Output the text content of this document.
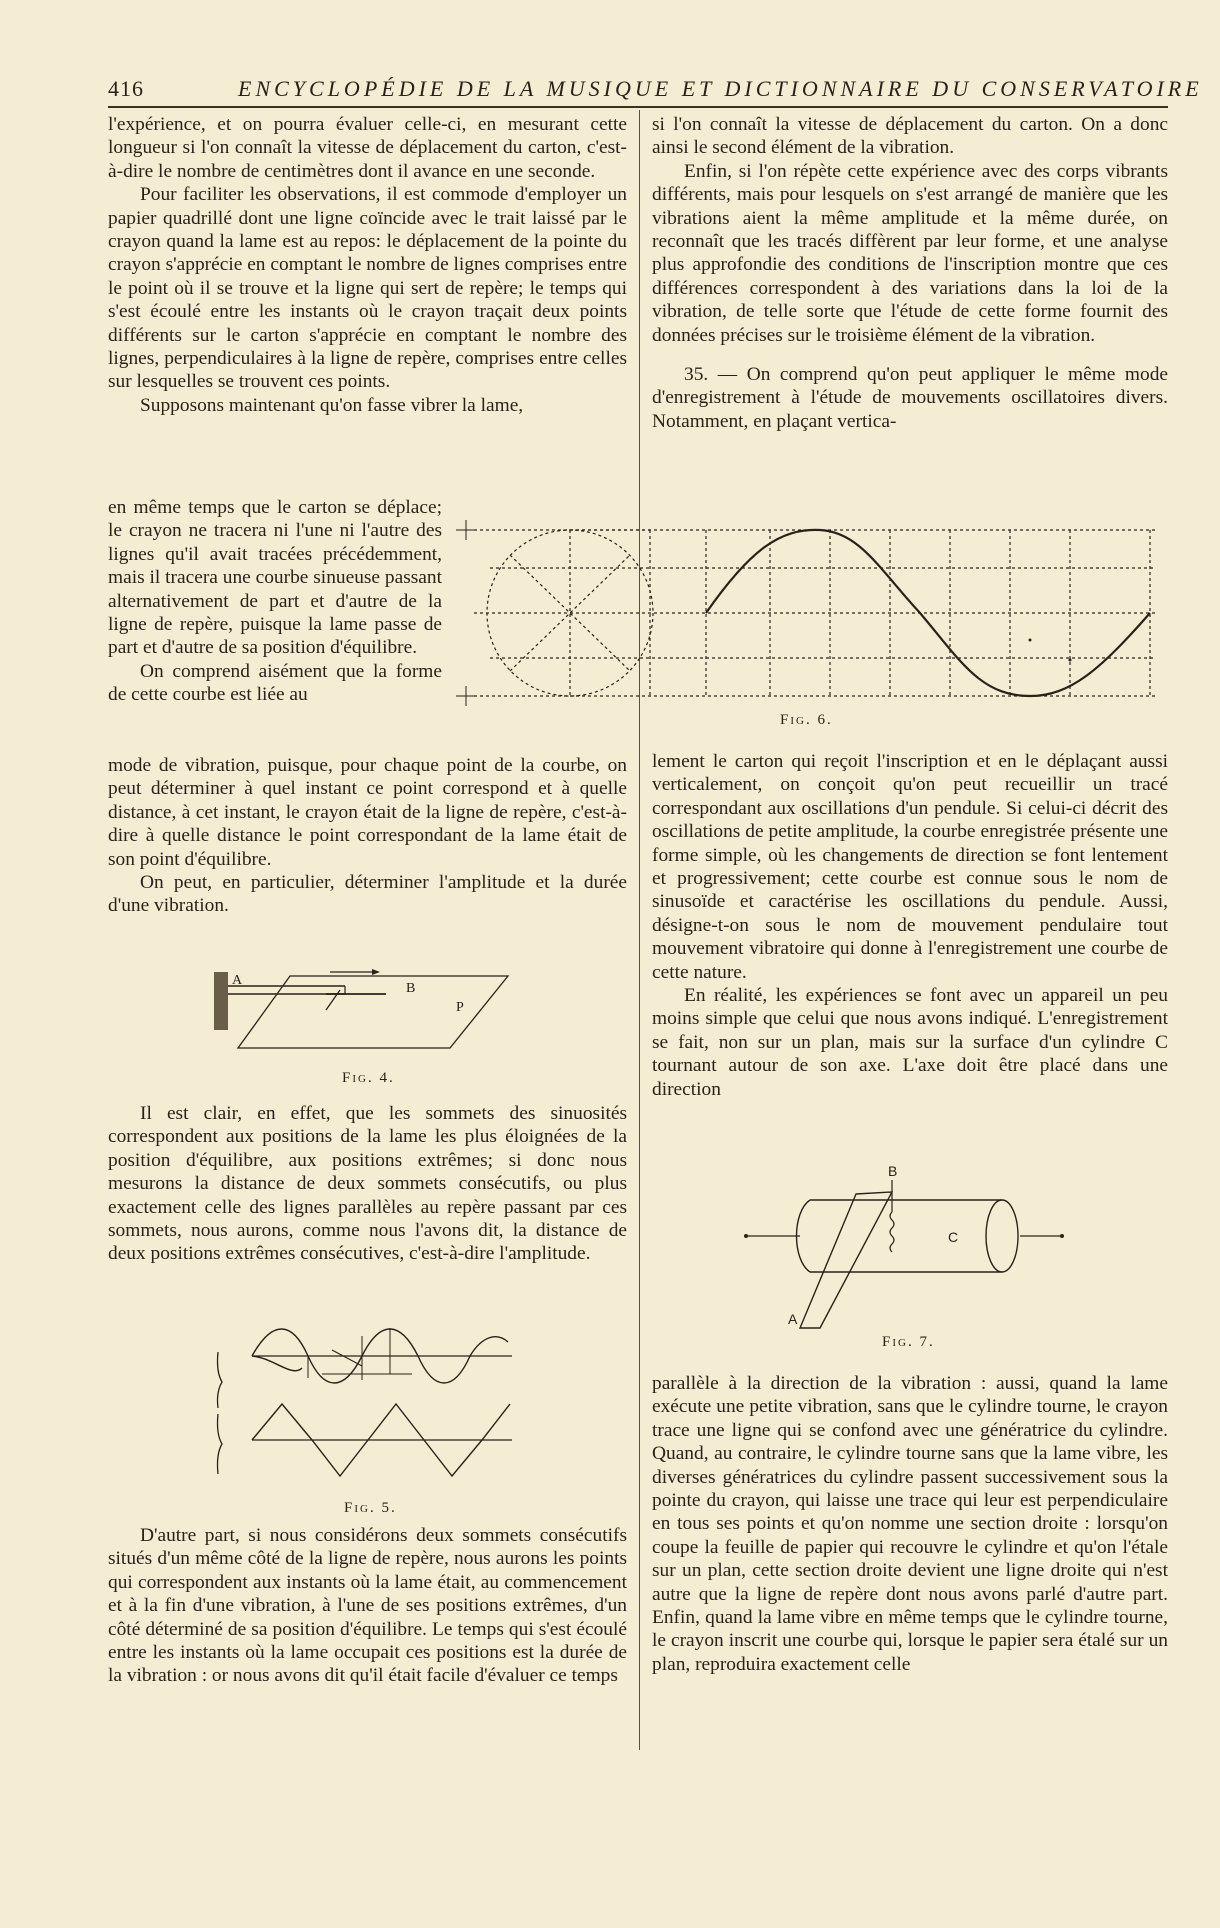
416	ENCYCLOPÉDIE DE LA MUSIQUE ET DICTIONNAIRE DU CONSERVATOIRE

l'expérience, et on pourra évaluer celle-ci, en mesurant cette longueur si l'on connaît la vitesse de déplacement du carton, c'est-à-dire le nombre de centimètres dont il avance en une seconde.

Pour faciliter les observations, il est commode d'employer un papier quadrillé dont une ligne coïncide avec le trait laissé par le crayon quand la lame est au repos: le déplacement de la pointe du crayon s'apprécie en comptant le nombre de lignes comprises entre le point où il se trouve et la ligne qui sert de repère; le temps qui s'est écoulé entre les instants où le crayon traçait deux points différents sur le carton s'apprécie en comptant le nombre des lignes, perpendiculaires à la ligne de repère, comprises entre celles sur lesquelles se trouvent ces points.

Supposons maintenant qu'on fasse vibrer la lame,

en même temps que le carton se déplace; le crayon ne tracera ni l'une ni l'autre des lignes qu'il avait tracées précédemment, mais il tracera une courbe sinueuse passant alternativement de part et d'autre de la ligne de repère, puisque la lame passe de part et d'autre de sa position d'équilibre.

On comprend aisément que la forme de cette courbe est liée au

mode de vibration, puisque, pour chaque point de la courbe, on peut déterminer à quel instant ce point correspond et à quelle distance, à cet instant, le crayon était de la ligne de repère, c'est-à-dire à quelle distance le point correspondant de la lame était de son point d'équilibre.

On peut, en particulier, déterminer l'amplitude et la durée d'une vibration.

A
B
P
Fig. 4.

Il est clair, en effet, que les sommets des sinuosités correspondent aux positions de la lame les plus éloignées de la position d'équilibre, aux positions extrêmes; si donc nous mesurons la distance de deux sommets consécutifs, ou plus exactement celle des lignes parallèles au repère passant par ces sommets, nous aurons, comme nous l'avons dit, la distance de deux positions extrêmes consécutives, c'est-à-dire l'amplitude.

Fig. 5.

D'autre part, si nous considérons deux sommets consécutifs situés d'un même côté de la ligne de repère, nous aurons les points qui correspondent aux instants où la lame était, au commencement et à la fin d'une vibration, à l'une de ses positions extrêmes, d'un côté déterminé de sa position d'équilibre. Le temps qui s'est écoulé entre les instants où la lame occupait ces positions est la durée de la vibration : or nous avons dit qu'il était facile d'évaluer ce temps

si l'on connaît la vitesse de déplacement du carton. On a donc ainsi le second élément de la vibration.

Enfin, si l'on répète cette expérience avec des corps vibrants différents, mais pour lesquels on s'est arrangé de manière que les vibrations aient la même amplitude et la même durée, on reconnaît que les tracés diffèrent par leur forme, et une analyse plus approfondie des conditions de l'inscription montre que ces différences correspondent à des variations dans la loi de la vibration, de telle sorte que l'étude de cette forme fournit des données précises sur le troisième élément de la vibration.

35. — On comprend qu'on peut appliquer le même mode d'enregistrement à l'étude de mouvements oscillatoires divers. Notamment, en plaçant vertica-

Fig. 6.

lement le carton qui reçoit l'inscription et en le déplaçant aussi verticalement, on conçoit qu'on peut recueillir un tracé correspondant aux oscillations d'un pendule. Si celui-ci décrit des oscillations de petite amplitude, la courbe enregistrée présente une forme simple, où les changements de direction se font lentement et progressivement; cette courbe est connue sous le nom de sinusoïde et caractérise les oscillations du pendule. Aussi, désigne-t-on sous le nom de mouvement pendulaire tout mouvement vibratoire qui donne à l'enregistrement une courbe de cette nature.

En réalité, les expériences se font avec un appareil un peu moins simple que celui que nous avons indiqué. L'enregistrement se fait, non sur un plan, mais sur la surface d'un cylindre C tournant autour de son axe. L'axe doit être placé dans une direction

B
C
A
Fig. 7.

parallèle à la direction de la vibration : aussi, quand la lame exécute une petite vibration, sans que le cylindre tourne, le crayon trace une ligne qui se confond avec une génératrice du cylindre. Quand, au contraire, le cylindre tourne sans que la lame vibre, les diverses génératrices du cylindre passent successivement sous la pointe du crayon, qui laisse une trace qui leur est perpendiculaire en tous ses points et qu'on nomme une section droite : lorsqu'on coupe la feuille de papier qui recouvre le cylindre et qu'on l'étale sur un plan, cette section droite devient une ligne droite qui n'est autre que la ligne de repère dont nous avons parlé d'autre part. Enfin, quand la lame vibre en même temps que le cylindre tourne, le crayon inscrit une courbe qui, lorsque le papier sera étalé sur un plan, reproduira exactement celle
